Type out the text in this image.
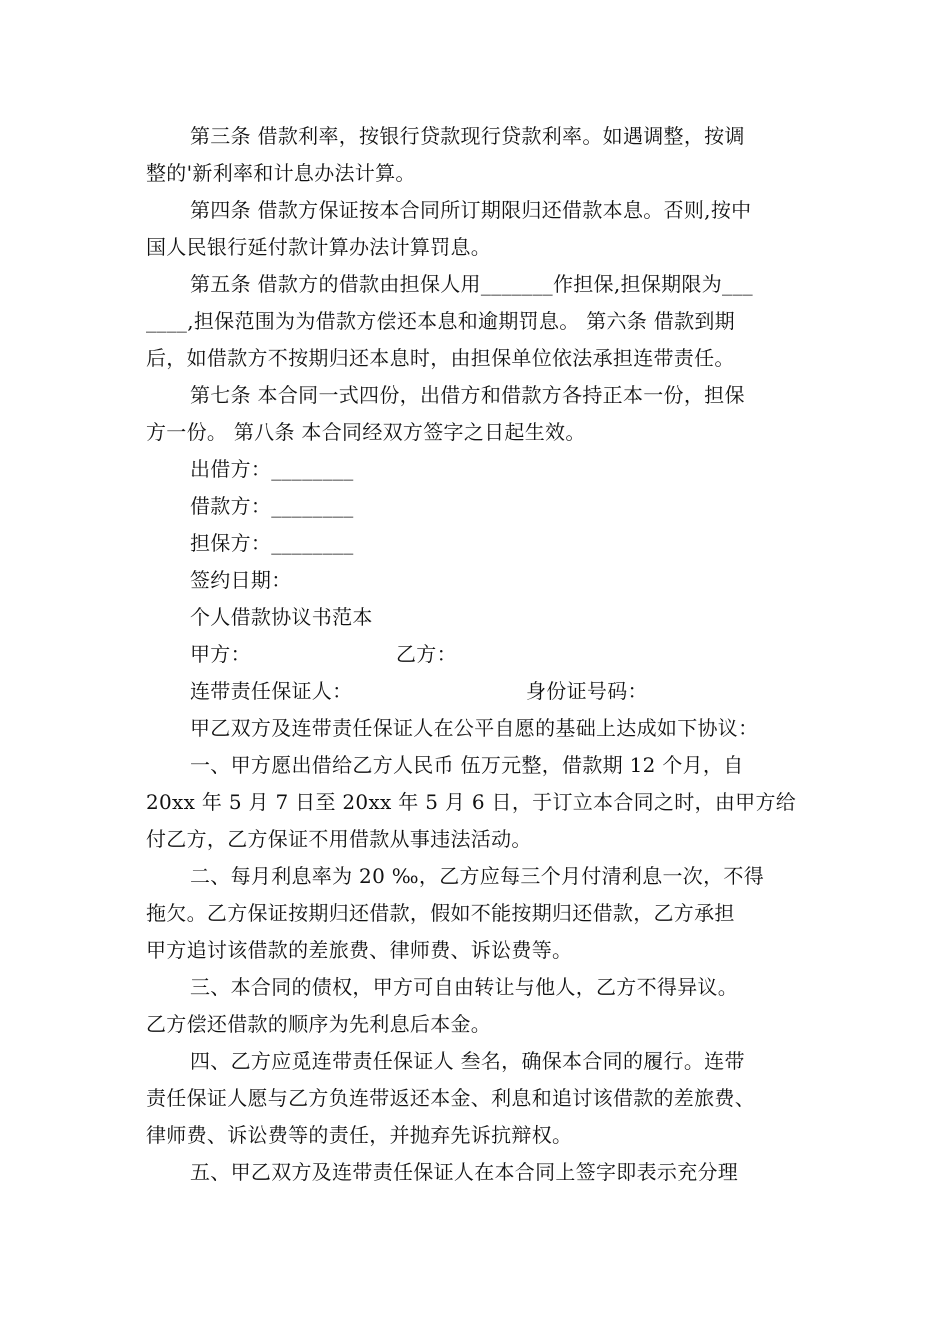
第三条 借款利率，按银行贷款现行贷款利率。如遇调整，按调
整的'新利率和计息办法计算。
第四条 借款方保证按本合同所订期限归还借款本息。否则,按中
国人民银行延付款计算办法计算罚息。
第五条 借款方的借款由担保人用_______作担保,担保期限为___
____,担保范围为为借款方偿还本息和逾期罚息。 第六条 借款到期
后，如借款方不按期归还本息时，由担保单位依法承担连带责任。
第七条 本合同一式四份，出借方和借款方各持正本一份，担保
方一份。 第八条 本合同经双方签字之日起生效。
出借方：________
借款方：________
担保方：________
签约日期：
个人借款协议书范本
甲方：	乙方：
连带责任保证人：	身份证号码：
甲乙双方及连带责任保证人在公平自愿的基础上达成如下协议：
一、甲方愿出借给乙方人民币 伍万元整，借款期 12 个月，自
20xx 年 5 月 7 日至 20xx 年 5 月 6 日，于订立本合同之时，由甲方给
付乙方，乙方保证不用借款从事违法活动。
二、每月利息率为 20 ‰，乙方应每三个月付清利息一次，不得
拖欠。乙方保证按期归还借款，假如不能按期归还借款，乙方承担
甲方追讨该借款的差旅费、律师费、诉讼费等。
三、本合同的债权，甲方可自由转让与他人，乙方不得异议。
乙方偿还借款的顺序为先利息后本金。
四、乙方应觅连带责任保证人 叁名，确保本合同的履行。连带
责任保证人愿与乙方负连带返还本金、利息和追讨该借款的差旅费、
律师费、诉讼费等的责任，并抛弃先诉抗辩权。
五、甲乙双方及连带责任保证人在本合同上签字即表示充分理
